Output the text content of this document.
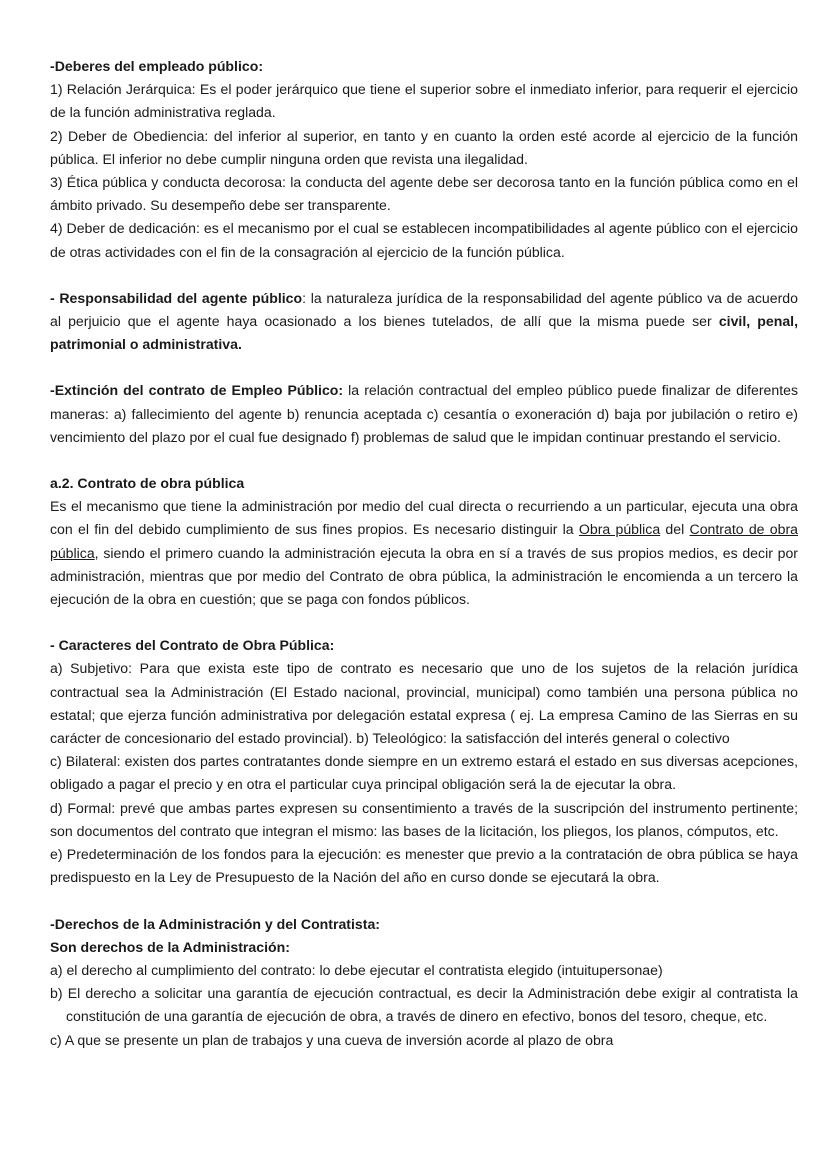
-Deberes del empleado público:

1) Relación Jerárquica: Es el poder jerárquico que tiene el superior sobre el inmediato inferior, para requerir el ejercicio de la función administrativa reglada.

2) Deber de Obediencia: del inferior al superior, en tanto y en cuanto la orden esté acorde al ejercicio de la función pública. El inferior no debe cumplir ninguna orden que revista una ilegalidad.

3) Ética pública y conducta decorosa: la conducta del agente debe ser decorosa tanto en la función pública como en el ámbito privado. Su desempeño debe ser transparente.

4) Deber de dedicación: es el mecanismo por el cual se establecen incompatibilidades al agente público con el ejercicio de otras actividades con el fin de la consagración al ejercicio de la función pública.

- Responsabilidad del agente público: la naturaleza jurídica de la responsabilidad del agente público va de acuerdo al perjuicio que el agente haya ocasionado a los bienes tutelados, de allí que la misma puede ser civil, penal, patrimonial o administrativa.

-Extinción del contrato de Empleo Público: la relación contractual del empleo público puede finalizar de diferentes maneras: a) fallecimiento del agente b) renuncia aceptada c) cesantía o exoneración d) baja por jubilación o retiro e) vencimiento del plazo por el cual fue designado f) problemas de salud que le impidan continuar prestando el servicio.

a.2. Contrato de obra pública

Es el mecanismo que tiene la administración por medio del cual directa o recurriendo a un particular, ejecuta una obra con el fin del debido cumplimiento de sus fines propios. Es necesario distinguir la Obra pública del Contrato de obra pública, siendo el primero cuando la administración ejecuta la obra en sí a través de sus propios medios, es decir por administración, mientras que por medio del Contrato de obra pública, la administración le encomienda a un tercero la ejecución de la obra en cuestión; que se paga con fondos públicos.

- Caracteres del Contrato de Obra Pública:

a) Subjetivo: Para que exista este tipo de contrato es necesario que uno de los sujetos de la relación jurídica contractual sea la Administración (El Estado nacional, provincial, municipal) como también una persona pública no estatal; que ejerza función administrativa por delegación estatal expresa ( ej. La empresa Camino de las Sierras en su carácter de concesionario del estado provincial). b) Teleológico: la satisfacción del interés general o colectivo

c) Bilateral: existen dos partes contratantes donde siempre en un extremo estará el estado en sus diversas acepciones, obligado a pagar el precio y en otra el particular cuya principal obligación será la de ejecutar la obra.

d) Formal: prevé que ambas partes expresen su consentimiento a través de la suscripción del instrumento pertinente; son documentos del contrato que integran el mismo: las bases de la licitación, los pliegos, los planos, cómputos, etc.

e) Predeterminación de los fondos para la ejecución: es menester que previo a la contratación de obra pública se haya predispuesto en la Ley de Presupuesto de la Nación del año en curso donde se ejecutará la obra.

-Derechos de la Administración y del Contratista:

Son derechos de la Administración:

a) el derecho al cumplimiento del contrato: lo debe ejecutar el contratista elegido (intuitupersonae)

b) El derecho a solicitar una garantía de ejecución contractual, es decir la Administración debe exigir al contratista la constitución de una garantía de ejecución de obra, a través de dinero en efectivo, bonos del tesoro, cheque, etc.

c) A que se presente un plan de trabajos y una cueva de inversión acorde al plazo de obra
